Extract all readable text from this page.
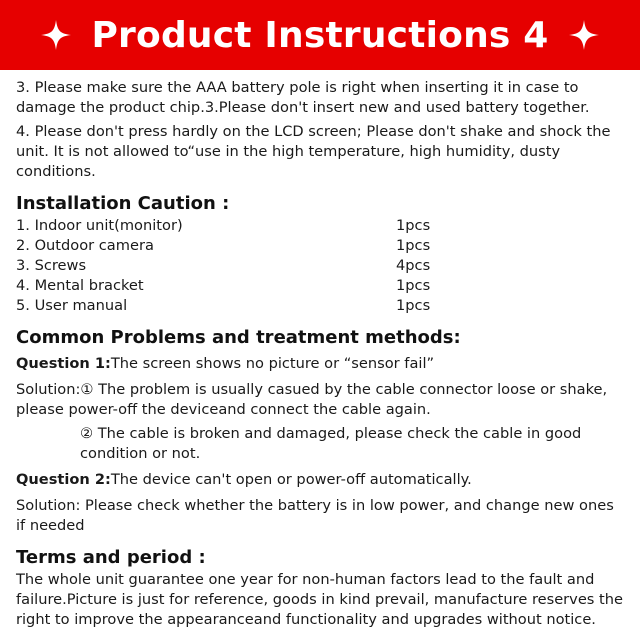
Product Instructions 4

3. Please make sure the AAA battery pole is right when inserting it in case to damage the product chip.3.Please don't insert new and used battery together.

4. Please don't press hardly on the LCD screen; Please don't shake and shock the unit. It is not allowed to“use in the high temperature, high humidity, dusty conditions.

Installation Caution :
1. Indoor unit(monitor)	1pcs
2. Outdoor camera	1pcs
3. Screws	4pcs
4. Mental bracket	1pcs
5. User manual	1pcs
Common Problems and treatment methods:

Question 1:The screen shows no picture or “sensor fail”

Solution:① The problem is usually casued by the cable connector loose or shake, please power-off the deviceand connect the cable again.

② The cable is broken and damaged, please check the cable in good condition or not.

Question 2:The device can't open or power-off automatically.

Solution: Please check whether the battery is in low power, and change new ones if needed

Terms and period :

The whole unit guarantee one year for non-human factors lead to the fault and failure.Picture is just for reference, goods in kind prevail, manufacture reserves the right to improve the appearanceand functionality and upgrades without notice.
